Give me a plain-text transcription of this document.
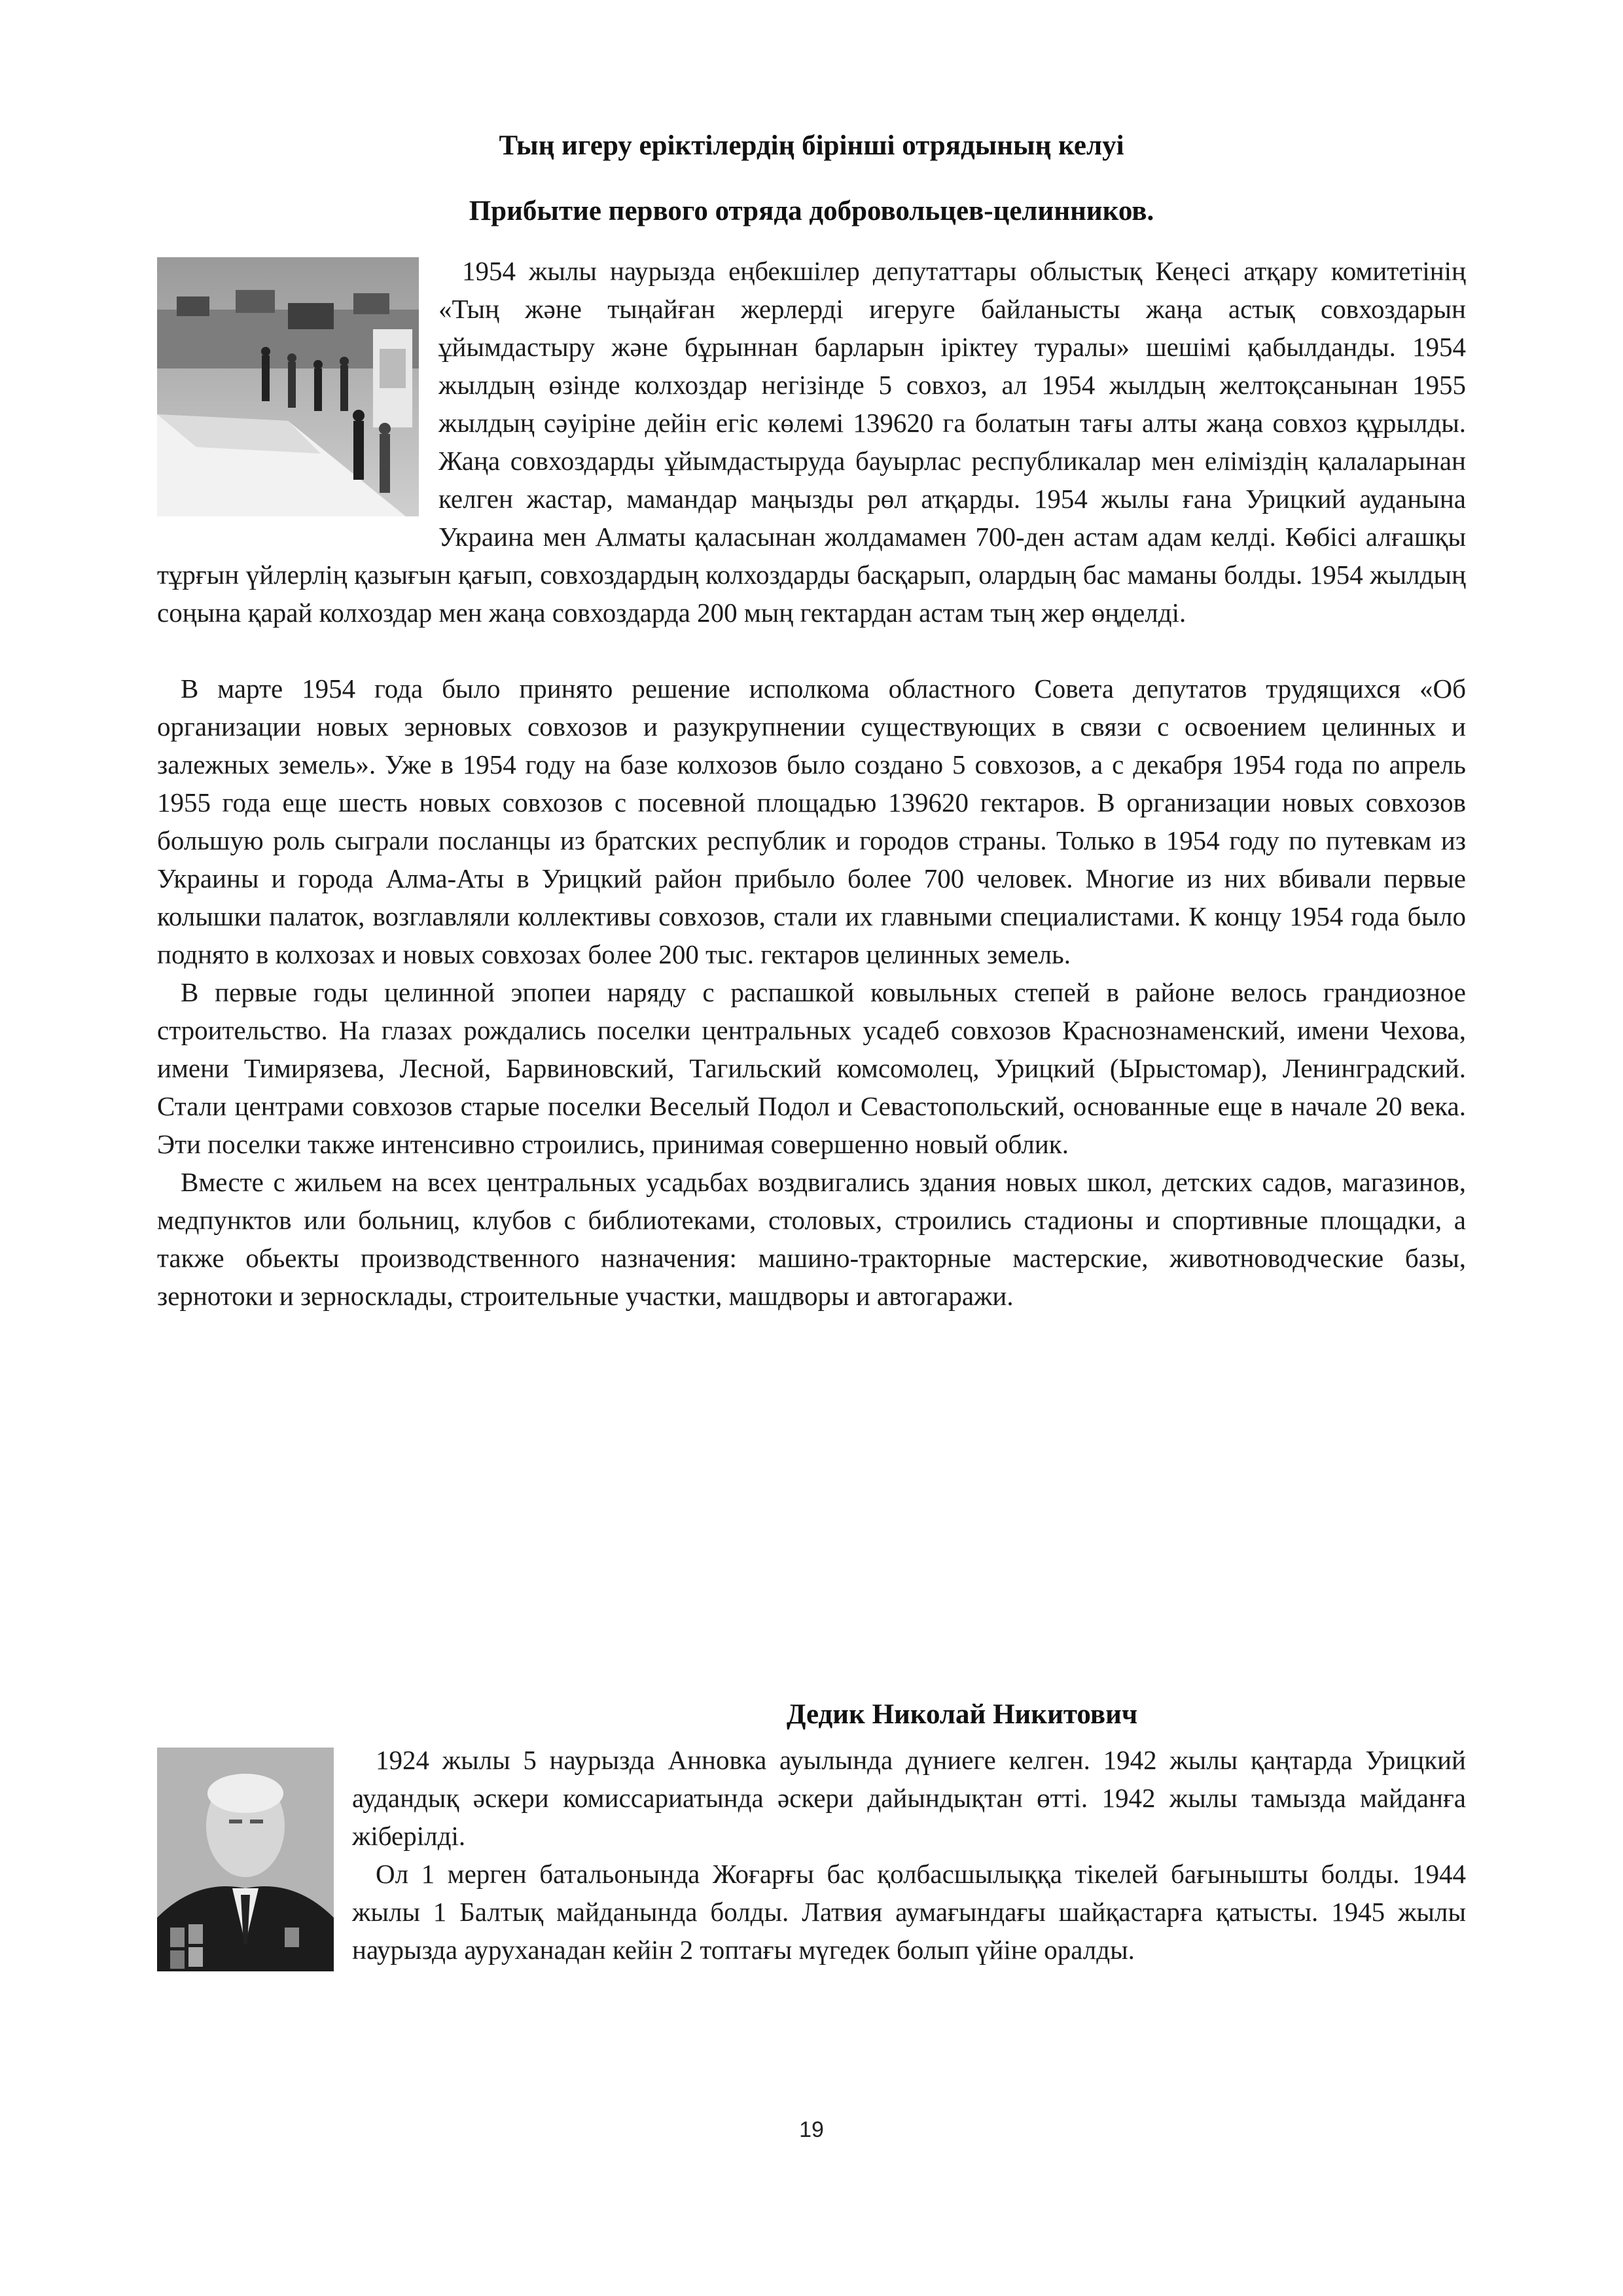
Тың игеру еріктілердің бірінші отрядының келуі
Прибытие первого отряда добровольцев-целинников.

1954 жылы наурызда еңбекшілер депутаттары облыстық Кеңесі атқару комитетінің «Тың және тыңайған жерлерді игеруге байланысты жаңа астық совхоздарын ұйымдастыру және бұрыннан барларын іріктеу туралы» шешімі қабылданды. 1954 жылдың өзінде колхоздар негізінде 5 совхоз, ал 1954 жылдың желтоқсанынан 1955 жылдың сәуіріне дейін егіс көлемі 139620 га болатын тағы алты жаңа совхоз құрылды. Жаңа совхоздарды ұйымдастыруда бауырлас республикалар мен еліміздің қалаларынан келген жастар, мамандар маңызды рөл атқарды. 1954 жылы ғана Урицкий ауданына Украина мен Алматы қаласынан жолдамамен 700-ден астам адам келді. Көбісі алғашқы тұрғын үйлерлің қазығын қағып, совхоздардың колхоздарды басқарып, олардың бас маманы болды. 1954 жылдың соңына қарай колхоздар мен жаңа совхоздарда 200 мың гектардан астам тың жер өңделді.

В марте 1954 года было принято решение исполкома областного Совета депутатов трудящихся «Об организации новых зерновых совхозов и разукрупнении существующих в связи с освоением целинных и залежных земель». Уже в 1954 году на базе колхозов было создано 5 совхозов, а с декабря 1954 года по апрель 1955 года еще шесть новых совхозов с посевной площадью 139620 гектаров. В организации новых совхозов большую роль сыграли посланцы из братских республик и городов страны. Только в 1954 году по путевкам из Украины и города Алма-Аты в Урицкий район прибыло более 700 человек. Многие из них вбивали первые колышки палаток, возглавляли коллективы совхозов, стали их главными специалистами. К концу 1954 года было поднято в колхозах и новых совхозах более 200 тыс. гектаров целинных земель.

В первые годы целинной эпопеи наряду с распашкой ковыльных степей в районе велось грандиозное строительство. На глазах рождались поселки центральных усадеб совхозов Краснознаменский, имени Чехова, имени Тимирязева, Лесной, Барвиновский, Тагильский комсомолец, Урицкий (Ырыстомар), Ленинградский. Стали центрами совхозов старые поселки Веселый Подол и Севастопольский, основанные еще в начале 20 века. Эти поселки также интенсивно строились, принимая совершенно новый облик.

Вместе с жильем на всех центральных усадьбах воздвигались здания новых школ, детских садов, магазинов, медпунктов или больниц, клубов с библиотеками, столовых, строились стадионы и спортивные площадки, а также обьекты производственного назначения: машино-тракторные мастерские, животноводческие базы, зернотоки и зерносклады, строительные участки, машдворы и автогаражи.

Дедик Николай Никитович

1924 жылы 5 наурызда Анновка ауылында дүниеге келген. 1942 жылы қаңтарда Урицкий аудандық әскери комиссариатында әскери дайындықтан өтті. 1942 жылы тамызда майданға жіберілді.

Ол 1 мерген батальонында Жоғарғы бас қолбасшылыққа тікелей бағынышты болды. 1944 жылы 1 Балтық майданында болды. Латвия аумағындағы шайқастарға қатысты. 1945 жылы наурызда ауруханадан кейін 2 топтағы мүгедек болып үйіне оралды.

19
